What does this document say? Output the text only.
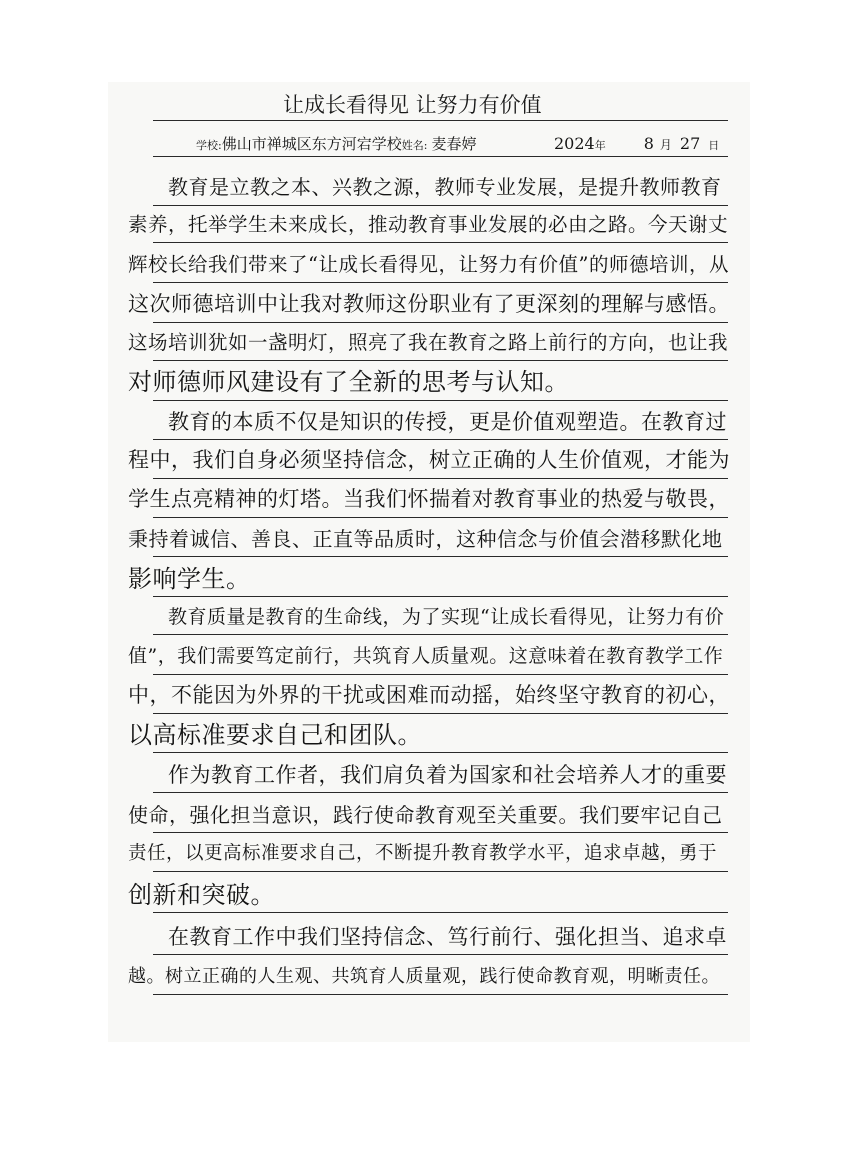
让成长看得见 让努力有价值
学校:佛山市禅城区东方河宕学校姓名: 麦春婷	2024年 8 月 27 日
教育是立教之本、兴教之源，教师专业发展，是提升教师教育
素养，托举学生未来成长，推动教育事业发展的必由之路。今天谢丈
辉校长给我们带来了“让成长看得见，让努力有价值”的师德培训，从
这次师德培训中让我对教师这份职业有了更深刻的理解与感悟。
这场培训犹如一盏明灯，照亮了我在教育之路上前行的方向，也让我
对师德师风建设有了全新的思考与认知。
教育的本质不仅是知识的传授，更是价值观塑造。在教育过
程中，我们自身必须坚持信念，树立正确的人生价值观，才能为
学生点亮精神的灯塔。当我们怀揣着对教育事业的热爱与敬畏，
秉持着诚信、善良、正直等品质时，这种信念与价值会潜移默化地
影响学生。
教育质量是教育的生命线，为了实现“让成长看得见，让努力有价
值”，我们需要笃定前行，共筑育人质量观。这意味着在教育教学工作
中，不能因为外界的干扰或困难而动摇，始终坚守教育的初心，
以高标准要求自己和团队。
作为教育工作者，我们肩负着为国家和社会培养人才的重要
使命，强化担当意识，践行使命教育观至关重要。我们要牢记自己
责任，以更高标准要求自己，不断提升教育教学水平，追求卓越，勇于
创新和突破。
在教育工作中我们坚持信念、笃行前行、强化担当、追求卓
越。树立正确的人生观、共筑育人质量观，践行使命教育观，明晰责任。
